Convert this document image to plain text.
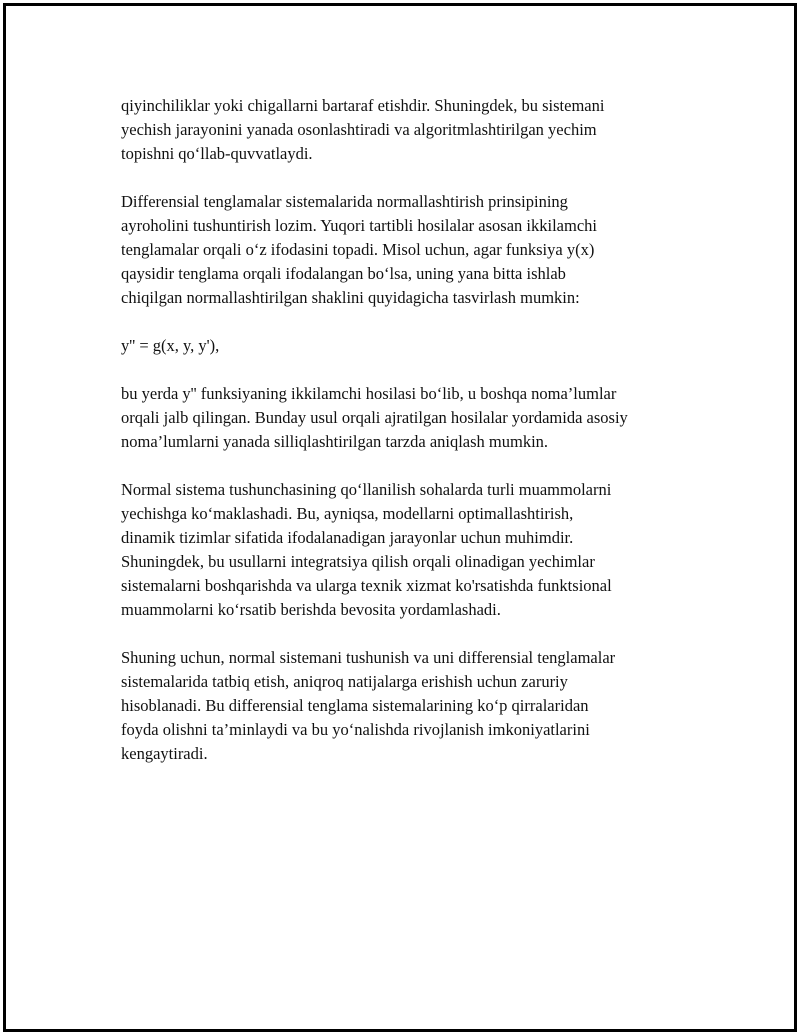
qiyinchiliklar yoki chigallarni bartaraf etishdir. Shuningdek, bu sistemani
yechish jarayonini yanada osonlashtiradi va algoritmlashtirilgan yechim
topishni qo‘llab-quvvatlaydi.

Differensial tenglamalar sistemalarida normallashtirish prinsipining
ayroholini tushuntirish lozim. Yuqori tartibli hosilalar asosan ikkilamchi
tenglamalar orqali o‘z ifodasini topadi. Misol uchun, agar funksiya y(x)
qaysidir tenglama orqali ifodalangan bo‘lsa, uning yana bitta ishlab
chiqilgan normallashtirilgan shaklini quyidagicha tasvirlash mumkin:

y'' = g(x, y, y'),

bu yerda y'' funksiyaning ikkilamchi hosilasi bo‘lib, u boshqa noma’lumlar
orqali jalb qilingan. Bunday usul orqali ajratilgan hosilalar yordamida asosiy
noma’lumlarni yanada silliqlashtirilgan tarzda aniqlash mumkin.

Normal sistema tushunchasining qo‘llanilish sohalarda turli muammolarni
yechishga ko‘maklashadi. Bu, ayniqsa, modellarni optimallashtirish,
dinamik tizimlar sifatida ifodalanadigan jarayonlar uchun muhimdir.
Shuningdek, bu usullarni integratsiya qilish orqali olinadigan yechimlar
sistemalarni boshqarishda va ularga texnik xizmat ko'rsatishda funktsional
muammolarni ko‘rsatib berishda bevosita yordamlashadi.

Shuning uchun, normal sistemani tushunish va uni differensial tenglamalar
sistemalarida tatbiq etish, aniqroq natijalarga erishish uchun zaruriy
hisoblanadi. Bu differensial tenglama sistemalarining ko‘p qirralaridan
foyda olishni ta’minlaydi va bu yo‘nalishda rivojlanish imkoniyatlarini
kengaytiradi.
